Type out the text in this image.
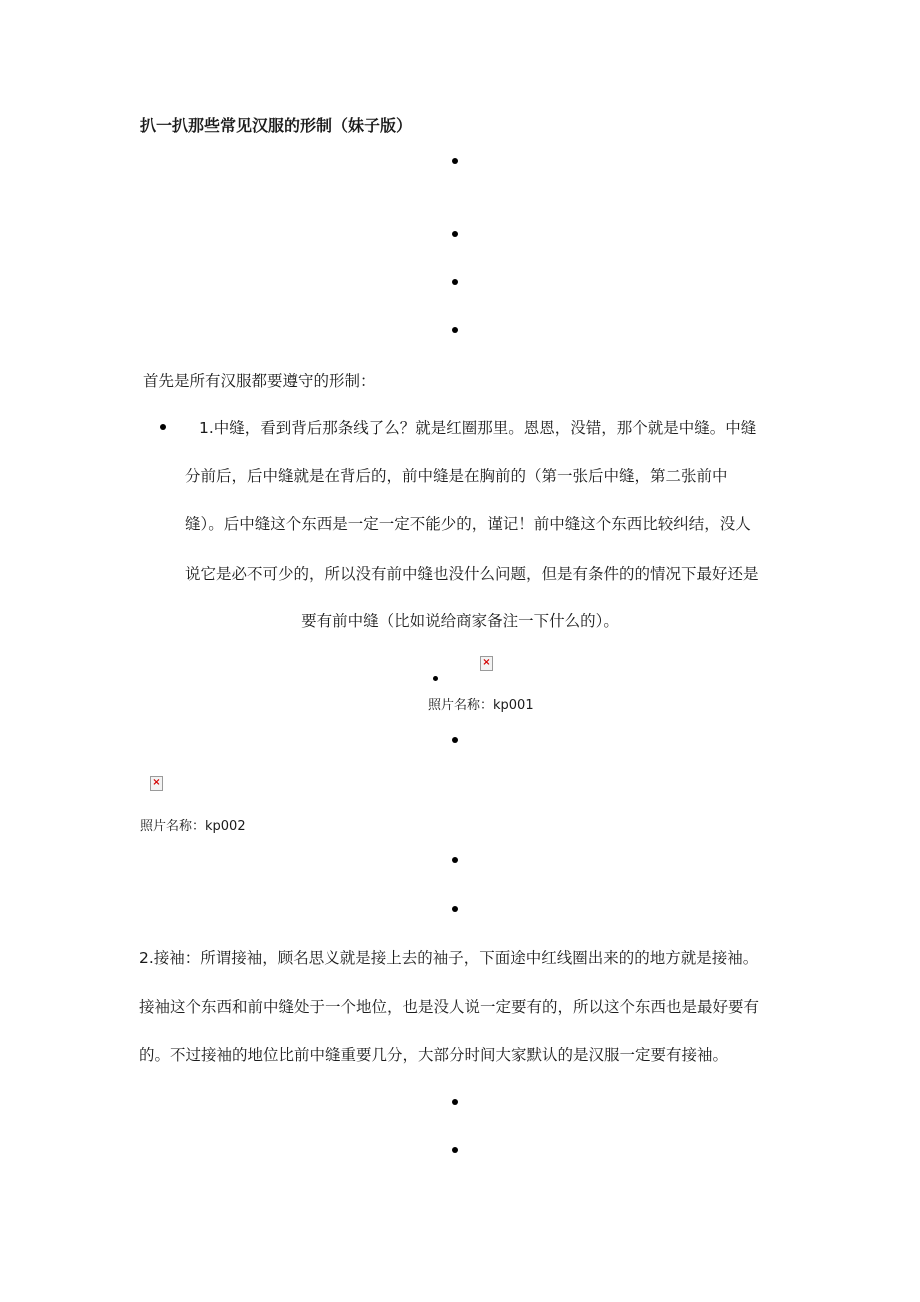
扒一扒那些常见汉服的形制（妹子版）
首先是所有汉服都要遵守的形制：
1.中缝，看到背后那条线了么？就是红圈那里。恩恩，没错，那个就是中缝。中缝
分前后，后中缝就是在背后的，前中缝是在胸前的（第一张后中缝，第二张前中
缝）。后中缝这个东西是一定一定不能少的，谨记！前中缝这个东西比较纠结，没人
说它是必不可少的，所以没有前中缝也没什么问题，但是有条件的的情况下最好还是
要有前中缝（比如说给商家备注一下什么的）。
×
照片名称：kp001
×
照片名称：kp002
2.接袖：所谓接袖，顾名思义就是接上去的袖子，下面途中红线圈出来的的地方就是接袖。
接袖这个东西和前中缝处于一个地位，也是没人说一定要有的，所以这个东西也是最好要有
的。不过接袖的地位比前中缝重要几分，大部分时间大家默认的是汉服一定要有接袖。
